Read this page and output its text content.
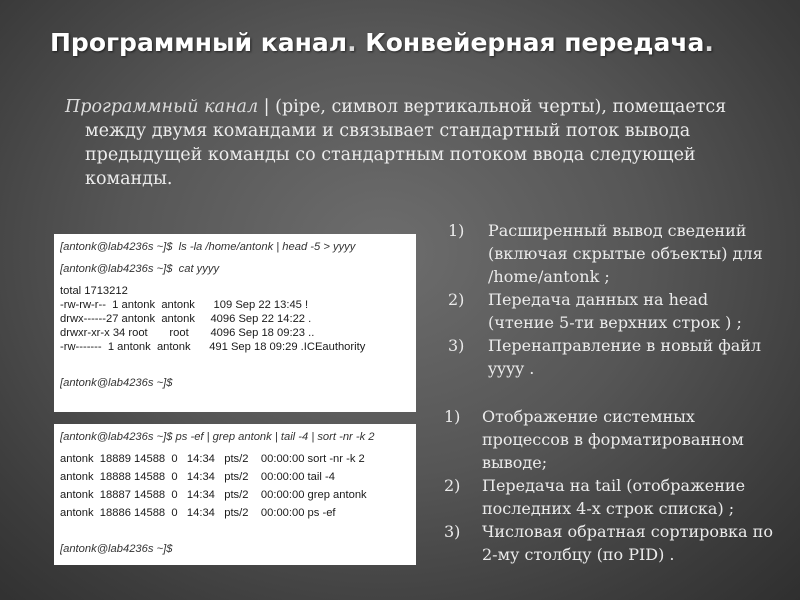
Программный канал. Конвейерная передача.
Программный канал | (pipe, символ вертикальной черты), помещается между двумя командами и связывает стандартный поток вывода предыдущей команды со стандартным потоком ввода следующей команды.
[antonk@lab4236s ~]$  ls -la /home/antonk | head -5 > yyyy
[antonk@lab4236s ~]$  cat yyyy
total 1713212
-rw-rw-r--  1 antonk  antonk      109 Sep 22 13:45 !
drwx------27 antonk  antonk     4096 Sep 22 14:22 .
drwxr-xr-x 34 root       root       4096 Sep 18 09:23 ..
-rw-------  1 antonk  antonk      491 Sep 18 09:29 .ICEauthority
[antonk@lab4236s ~]$
[antonk@lab4236s ~]$ ps -ef | grep antonk | tail -4 | sort -nr -k 2
antonk  18889 14588  0   14:34   pts/2    00:00:00 sort -nr -k 2
antonk  18888 14588  0   14:34   pts/2    00:00:00 tail -4
antonk  18887 14588  0   14:34   pts/2    00:00:00 grep antonk
antonk  18886 14588  0   14:34   pts/2    00:00:00 ps -ef
[antonk@lab4236s ~]$
1) Расширенный вывод сведений (включая скрытые объекты) для /home/antonk ;
2) Передача данных на head (чтение 5-ти верхних строк ) ;
3) Перенаправление в новый файл yyyy .
1) Отображение системных процессов в форматированном выводе;
2) Передача на tail (отображение последних 4-х строк списка) ;
3) Числовая обратная сортировка по 2-му столбцу (по PID) .
